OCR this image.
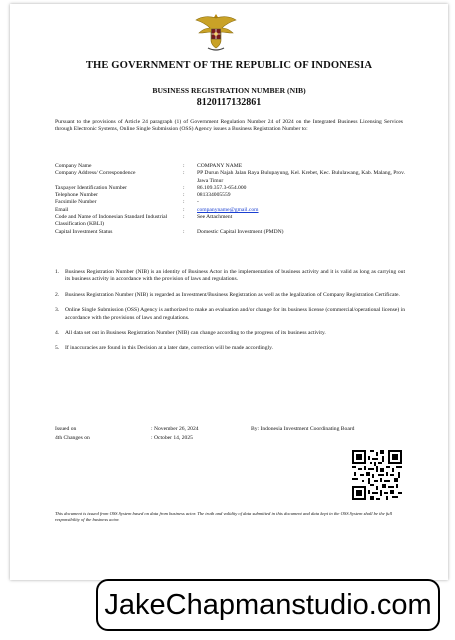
THE GOVERNMENT OF THE REPUBLIC OF INDONESIA
BUSINESS REGISTRATION NUMBER (NIB)
8120117132861
Pursuant to the provisions of Article 24 paragraph (1) of Government Regulation Number 24 of 2024 on the Integrated Business Licensing Services through Electronic Systems, Online Single Submission (OSS) Agency issues a Business Registration Number to:
Company Name	:	COMPANY NAME
Company Address/ Correspondence	:	PP Durun Najah Jalan Raya Bulupayung, Kel. Krebet, Kec. Bululawang, Kab. Malang, Prov. Jawa Timur
Taxpayer Identification Number	:	86.109.357.3-654.000
Telephone Number	:	081334005559
Facsimile Number	:	-
Email	:	companyname@gmail.com
Code and Name of Indonesian Standard Industrial Classification (KBLI)
:	See Attachment
Capital Investment Status	:	Domestic Capital Investment (PMDN)
1.	Business Registration Number (NIB) is an identity of Business Actor in the implementation of business activity and it is valid as long as carrying out its business activity in accordance with the provision of laws and regulations.
2.	Business Registration Number (NIB) is regarded as Investment/Business Registration as well as the legalization of Company Registration Certificate.
3.	Online Single Submission (OSS) Agency is authorized to make an evaluation and/or change for its business license (commercial/operational license) in accordance with the provisions of laws and regulations.
4.	All data set out in Business Registration Number (NIB) can change according to the progress of its business activity.
5.	If inaccuracies are found in this Decision at a later date, correction will be made accordingly.
Issued on	: November 26, 2024	By: Indonesia Investment Coordinating Board
4th Changes on	: October 14, 2025
This document is issued from OSS System based on data from business actor. The truth and validity of data submitted in this document and data kept in the OSS System shall be the full responsibility of the business actor.
JakeChapmanstudio.com
